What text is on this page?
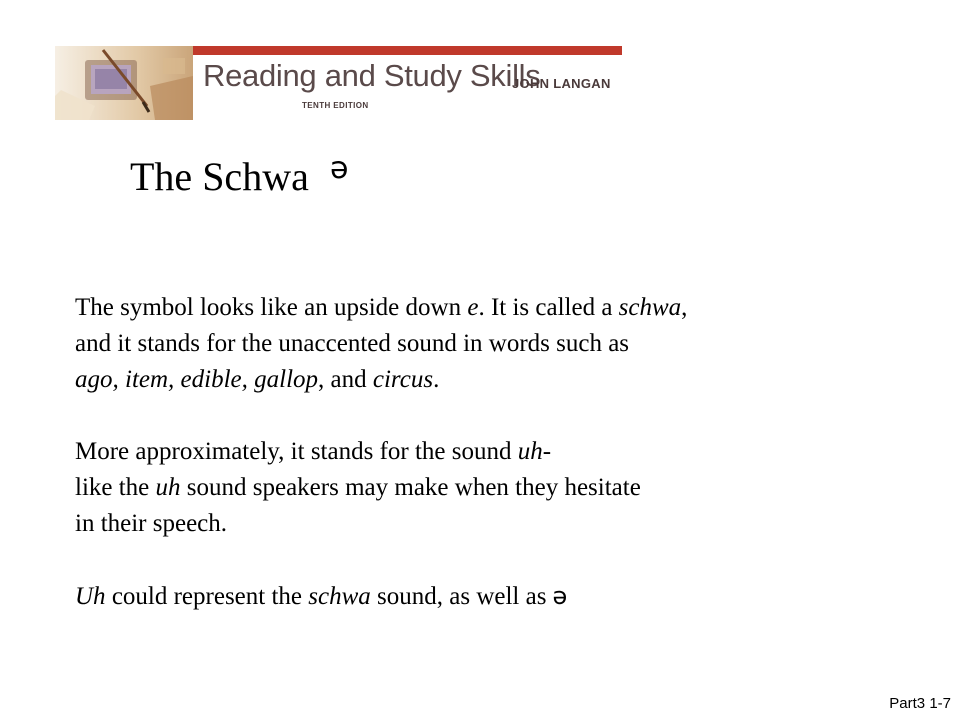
Reading and Study Skills
TENTH EDITION
JOHN LANGAN
The Schwa ə
The symbol looks like an upside down e. It is called a schwa,
and it stands for the unaccented sound in words such as
ago, item, edible, gallop, and circus.
More approximately, it stands for the sound uh-
like the uh sound speakers may make when they hesitate
in their speech.
Uh could represent the schwa sound, as well as ə
Part3 1-7
